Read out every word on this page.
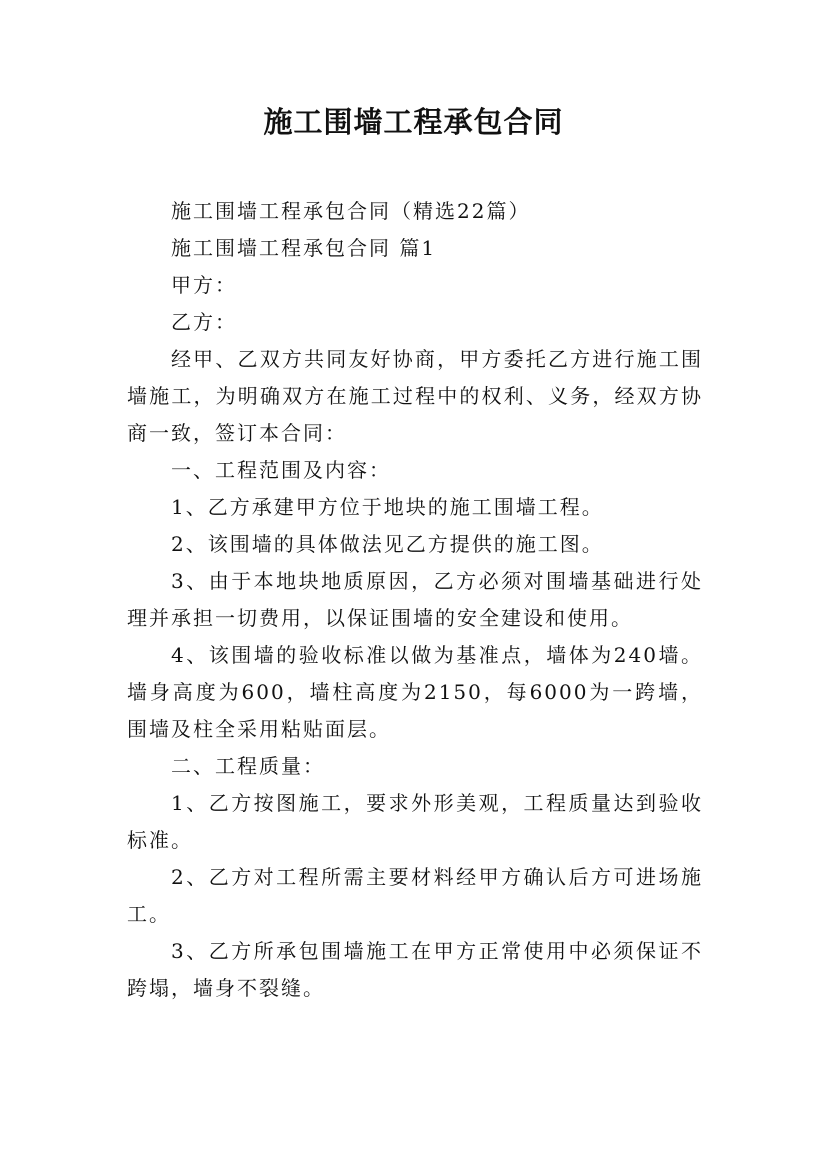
施工围墙工程承包合同

施工围墙工程承包合同（精选22篇）

施工围墙工程承包合同 篇1

甲方：

乙方：

经甲、乙双方共同友好协商，甲方委托乙方进行施工围墙施工，为明确双方在施工过程中的权利、义务，经双方协商一致，签订本合同：

一、工程范围及内容：

1、乙方承建甲方位于地块的施工围墙工程。

2、该围墙的具体做法见乙方提供的施工图。

3、由于本地块地质原因，乙方必须对围墙基础进行处理并承担一切费用，以保证围墙的安全建设和使用。

4、该围墙的验收标准以做为基准点，墙体为240墙。墙身高度为600，墙柱高度为2150，每6000为一跨墙，围墙及柱全采用粘贴面层。

二、工程质量：

1、乙方按图施工，要求外形美观，工程质量达到验收标准。

2、乙方对工程所需主要材料经甲方确认后方可进场施工。

3、乙方所承包围墙施工在甲方正常使用中必须保证不跨塌，墙身不裂缝。
